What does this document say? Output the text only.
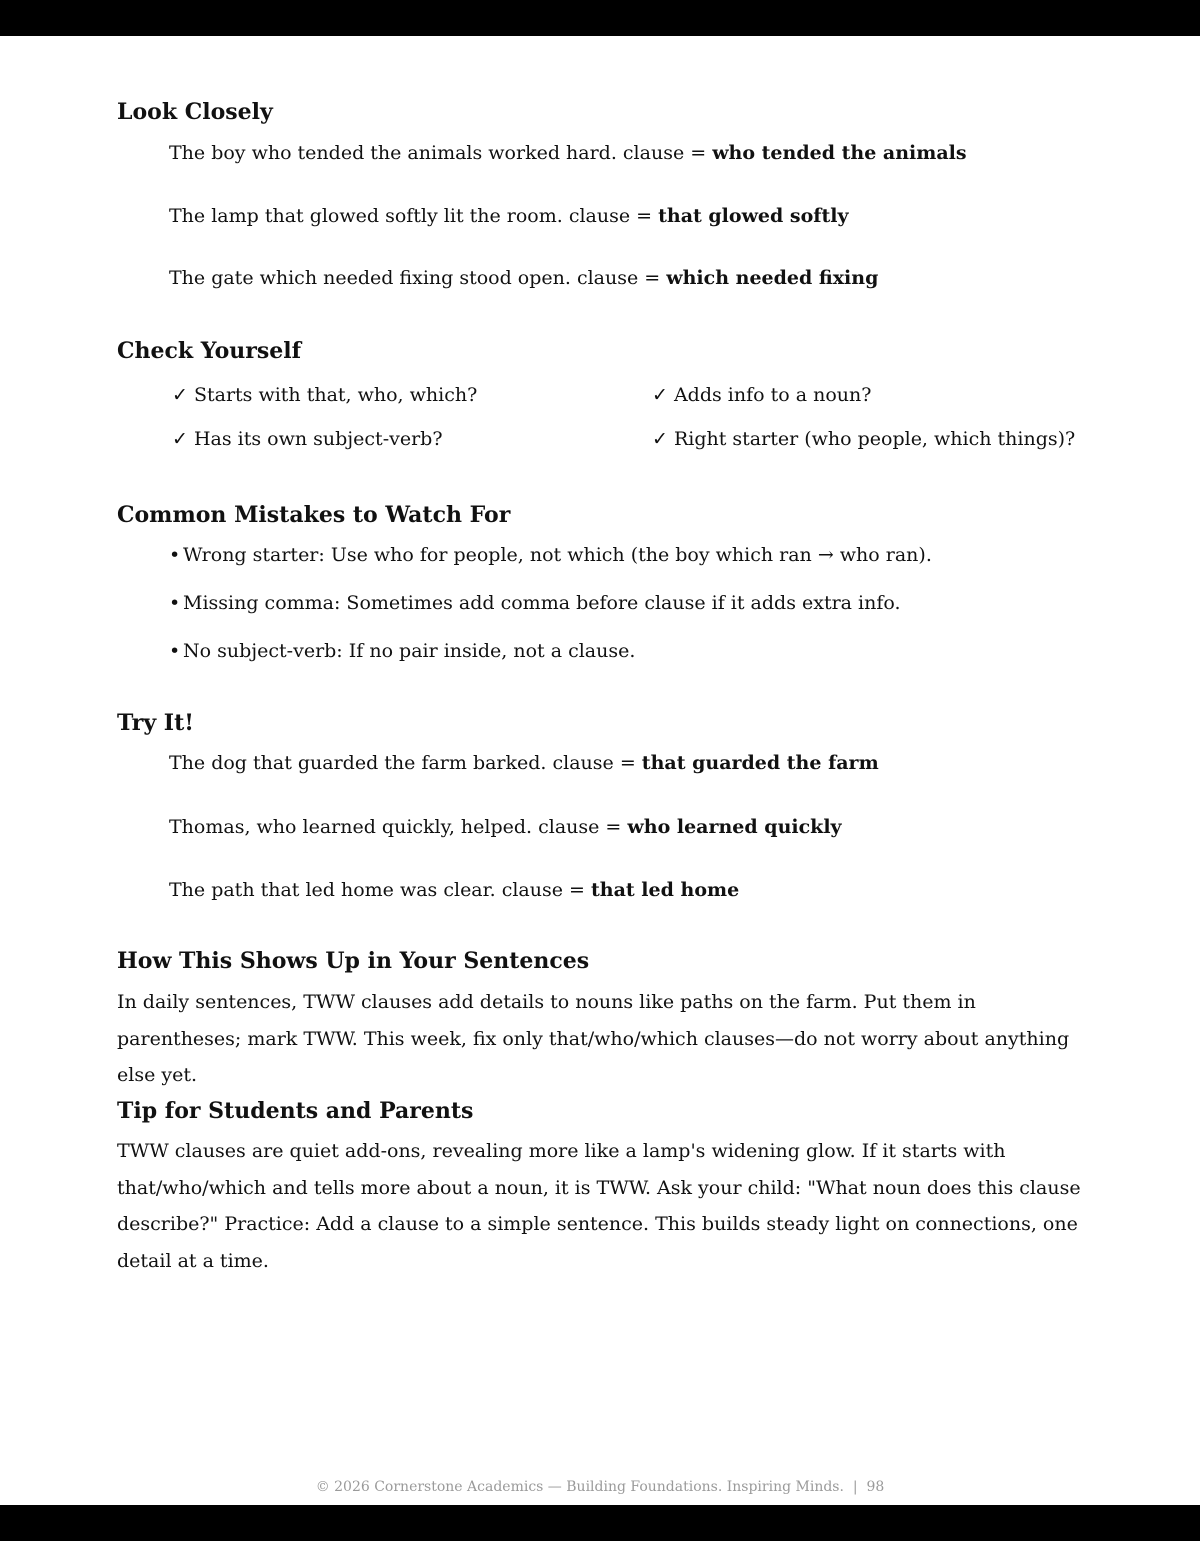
Look Closely
The boy who tended the animals worked hard. clause = who tended the animals
The lamp that glowed softly lit the room. clause = that glowed softly
The gate which needed fixing stood open. clause = which needed fixing
Check Yourself
✓ Starts with that, who, which?	✓ Adds info to a noun?
✓ Has its own subject-verb?	✓ Right starter (who people, which things)?
Common Mistakes to Watch For
• Wrong starter: Use who for people, not which (the boy which ran → who ran).
• Missing comma: Sometimes add comma before clause if it adds extra info.
• No subject-verb: If no pair inside, not a clause.
Try It!
The dog that guarded the farm barked. clause = that guarded the farm
Thomas, who learned quickly, helped. clause = who learned quickly
The path that led home was clear. clause = that led home
How This Shows Up in Your Sentences

In daily sentences, TWW clauses add details to nouns like paths on the farm. Put them in parentheses; mark TWW. This week, fix only that/who/which clauses—do not worry about anything else yet.

Tip for Students and Parents

TWW clauses are quiet add-ons, revealing more like a lamp's widening glow. If it starts with that/who/which and tells more about a noun, it is TWW. Ask your child: "What noun does this clause describe?" Practice: Add a clause to a simple sentence. This builds steady light on connections, one detail at a time.

© 2026 Cornerstone Academics — Building Foundations. Inspiring Minds. | 98
